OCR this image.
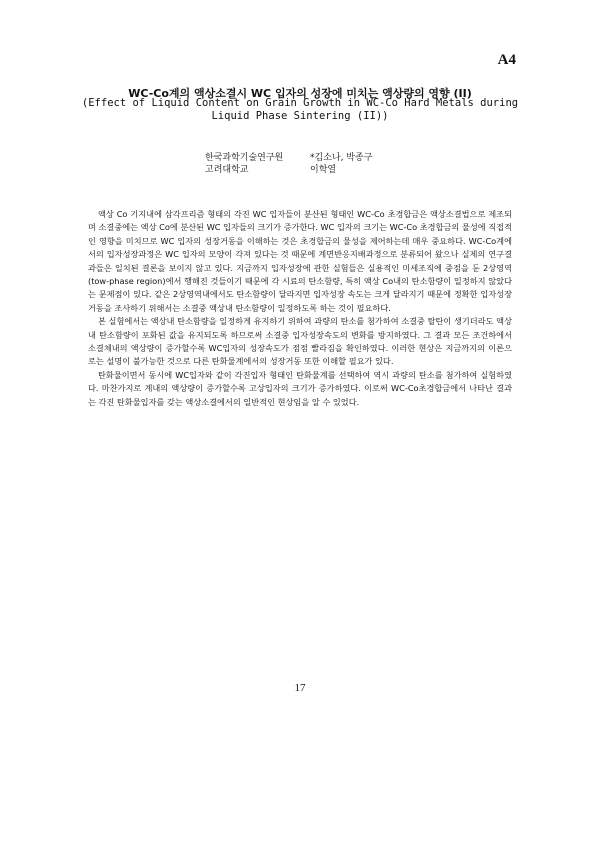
A4
WC-Co계의 액상소결시 WC 입자의 성장에 미치는 액상량의 영향 (II)
(Effect of Liquid Content on Grain Growth in WC-Co Hard Metals during
Liquid Phase Sintering (II))
한국과학기술연구원	*김소나, 박종구
고려대학교	이학열

액상 Co 기지내에 삼각프리즘 형태의 각진 WC 입자들이 분산된 형태인 WC-Co 초경합금은 액상소결법으로 제조되며 소결중에는 액상 Co에 분산된 WC 입자들의 크기가 증가한다. WC 입자의 크기는 WC-Co 초경합금의 물성에 직접적인 영향을 미치므로 WC 입자의 성장거동을 이해하는 것은 초경합금의 물성을 제어하는데 매우 중요하다. WC-Co계에서의 입자성장과정은 WC 입자의 모양이 각져 있다는 것 때문에 계면반응지배과정으로 분류되어 왔으나 실제의 연구결과들은 일치된 결론을 보이지 않고 있다. 지금까지 입자성장에 관한 실험들은 실용적인 미세조직에 중점을 둔 2상영역(tow-phase region)에서 행해진 것들이기 때문에 각 시료의 탄소함량, 특히 액상 Co내의 탄소함량이 일정하지 않았다는 문제점이 있다. 같은 2상영역내에서도 탄소함량이 달라지면 입자성장 속도는 크게 달라지기 때문에 정확한 입자성장거동을 조사하기 위해서는 소결중 액상내 탄소함량이 일정하도록 하는 것이 필요하다.

본 실험에서는 액상내 탄소함량을 일정하게 유지하기 위하여 과량의 탄소를 첨가하여 소결중 탈탄이 생기더라도 액상내 탄소함량이 포화된 값을 유지되도록 하므로써 소결중 입자성장속도의 변화를 방지하였다. 그 결과 모든 조건하에서 소결체내의 액상량이 증가할수록 WC입자의 성장속도가 점점 빨라짐을 확인하였다. 이러한 현상은 지금까지의 이론으로는 설명이 불가능한 것으로 다른 탄화물계에서의 성장거동 또한 이해할 필요가 있다.

탄화물이면서 동시에 WC입자와 같이 각진입자 형태인 탄화물계를 선택하여 역시 과량의 탄소를 첨가하여 실험하였다. 마찬가지로 계내의 액상량이 증가할수록 고상입자의 크기가 증가하였다. 이로써 WC-Co초경합금에서 나타난 결과는 각진 탄화물입자를 갖는 액상소결에서의 일반적인 현상임을 알 수 있었다.

17
